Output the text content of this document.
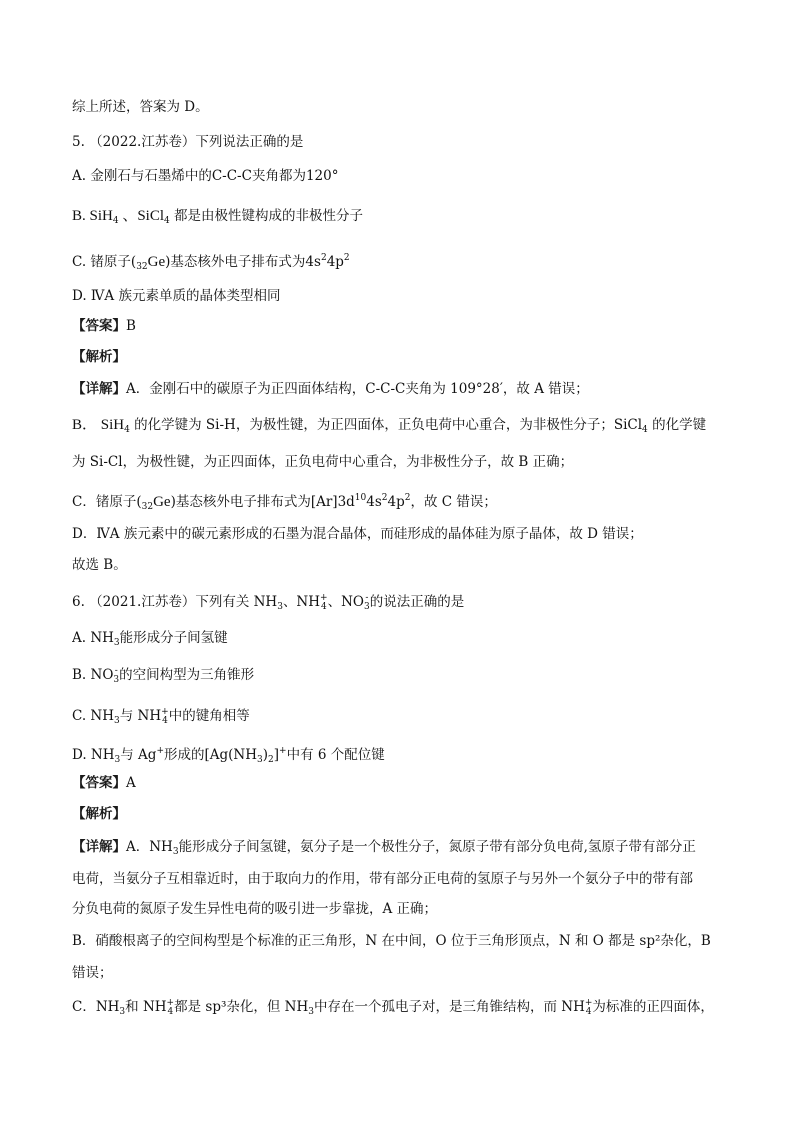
综上所述，答案为 D。
5. （2022.江苏卷）下列说法正确的是
A. 金刚石与石墨烯中的C-C-C夹角都为120°
B. SiH$_4$ 、SiCl$_4$ 都是由极性键构成的非极性分子
C. 锗原子$(_{32}Ge)$基态核外电子排布式为$4s^24p^2$
D. ⅣA 族元素单质的晶体类型相同
【答案】B
【解析】
【详解】A．金刚石中的碳原子为正四面体结构，C-C-C夹角为 109°28′，故 A 错误；
B． SiH$_4$ 的化学键为 Si-H，为极性键，为正四面体，正负电荷中心重合，为非极性分子；SiCl$_4$ 的化学键
为 Si-Cl，为极性键，为正四面体，正负电荷中心重合，为非极性分子，故 B 正确；
C．锗原子$(_{32}Ge)$基态核外电子排布式为$[Ar]3d^{10}4s^24p^2$，故 C 错误；
D．ⅣA 族元素中的碳元素形成的石墨为混合晶体，而硅形成的晶体硅为原子晶体，故 D 错误；
故选 B。
6. （2021.江苏卷）下列有关 $NH_3$、NH+
4、NO-
3的说法正确的是
A. $NH_3$能形成分子间氢键
B. NO-
3的空间构型为三角锥形
C. $NH_3$与 NH+
4中的键角相等
D. $NH_3$与 Ag+形成的$[Ag(NH_3)_2]^+$中有 6 个配位键
【答案】A
【解析】
【详解】A．$NH_3$能形成分子间氢键，氨分子是一个极性分子，氮原子带有部分负电荷,氢原子带有部分正
电荷，当氨分子互相靠近时，由于取向力的作用，带有部分正电荷的氢原子与另外一个氨分子中的带有部
分负电荷的氮原子发生异性电荷的吸引进一步靠拢，A 正确；
B．硝酸根离子的空间构型是个标准的正三角形，N 在中间，O 位于三角形顶点，N 和 O 都是 sp²杂化，B
错误；
C．$NH_3$和 NH+
4都是 sp³杂化，但 $NH_3$中存在一个孤电子对，是三角锥结构，而 NH+
4为标准的正四面体，
